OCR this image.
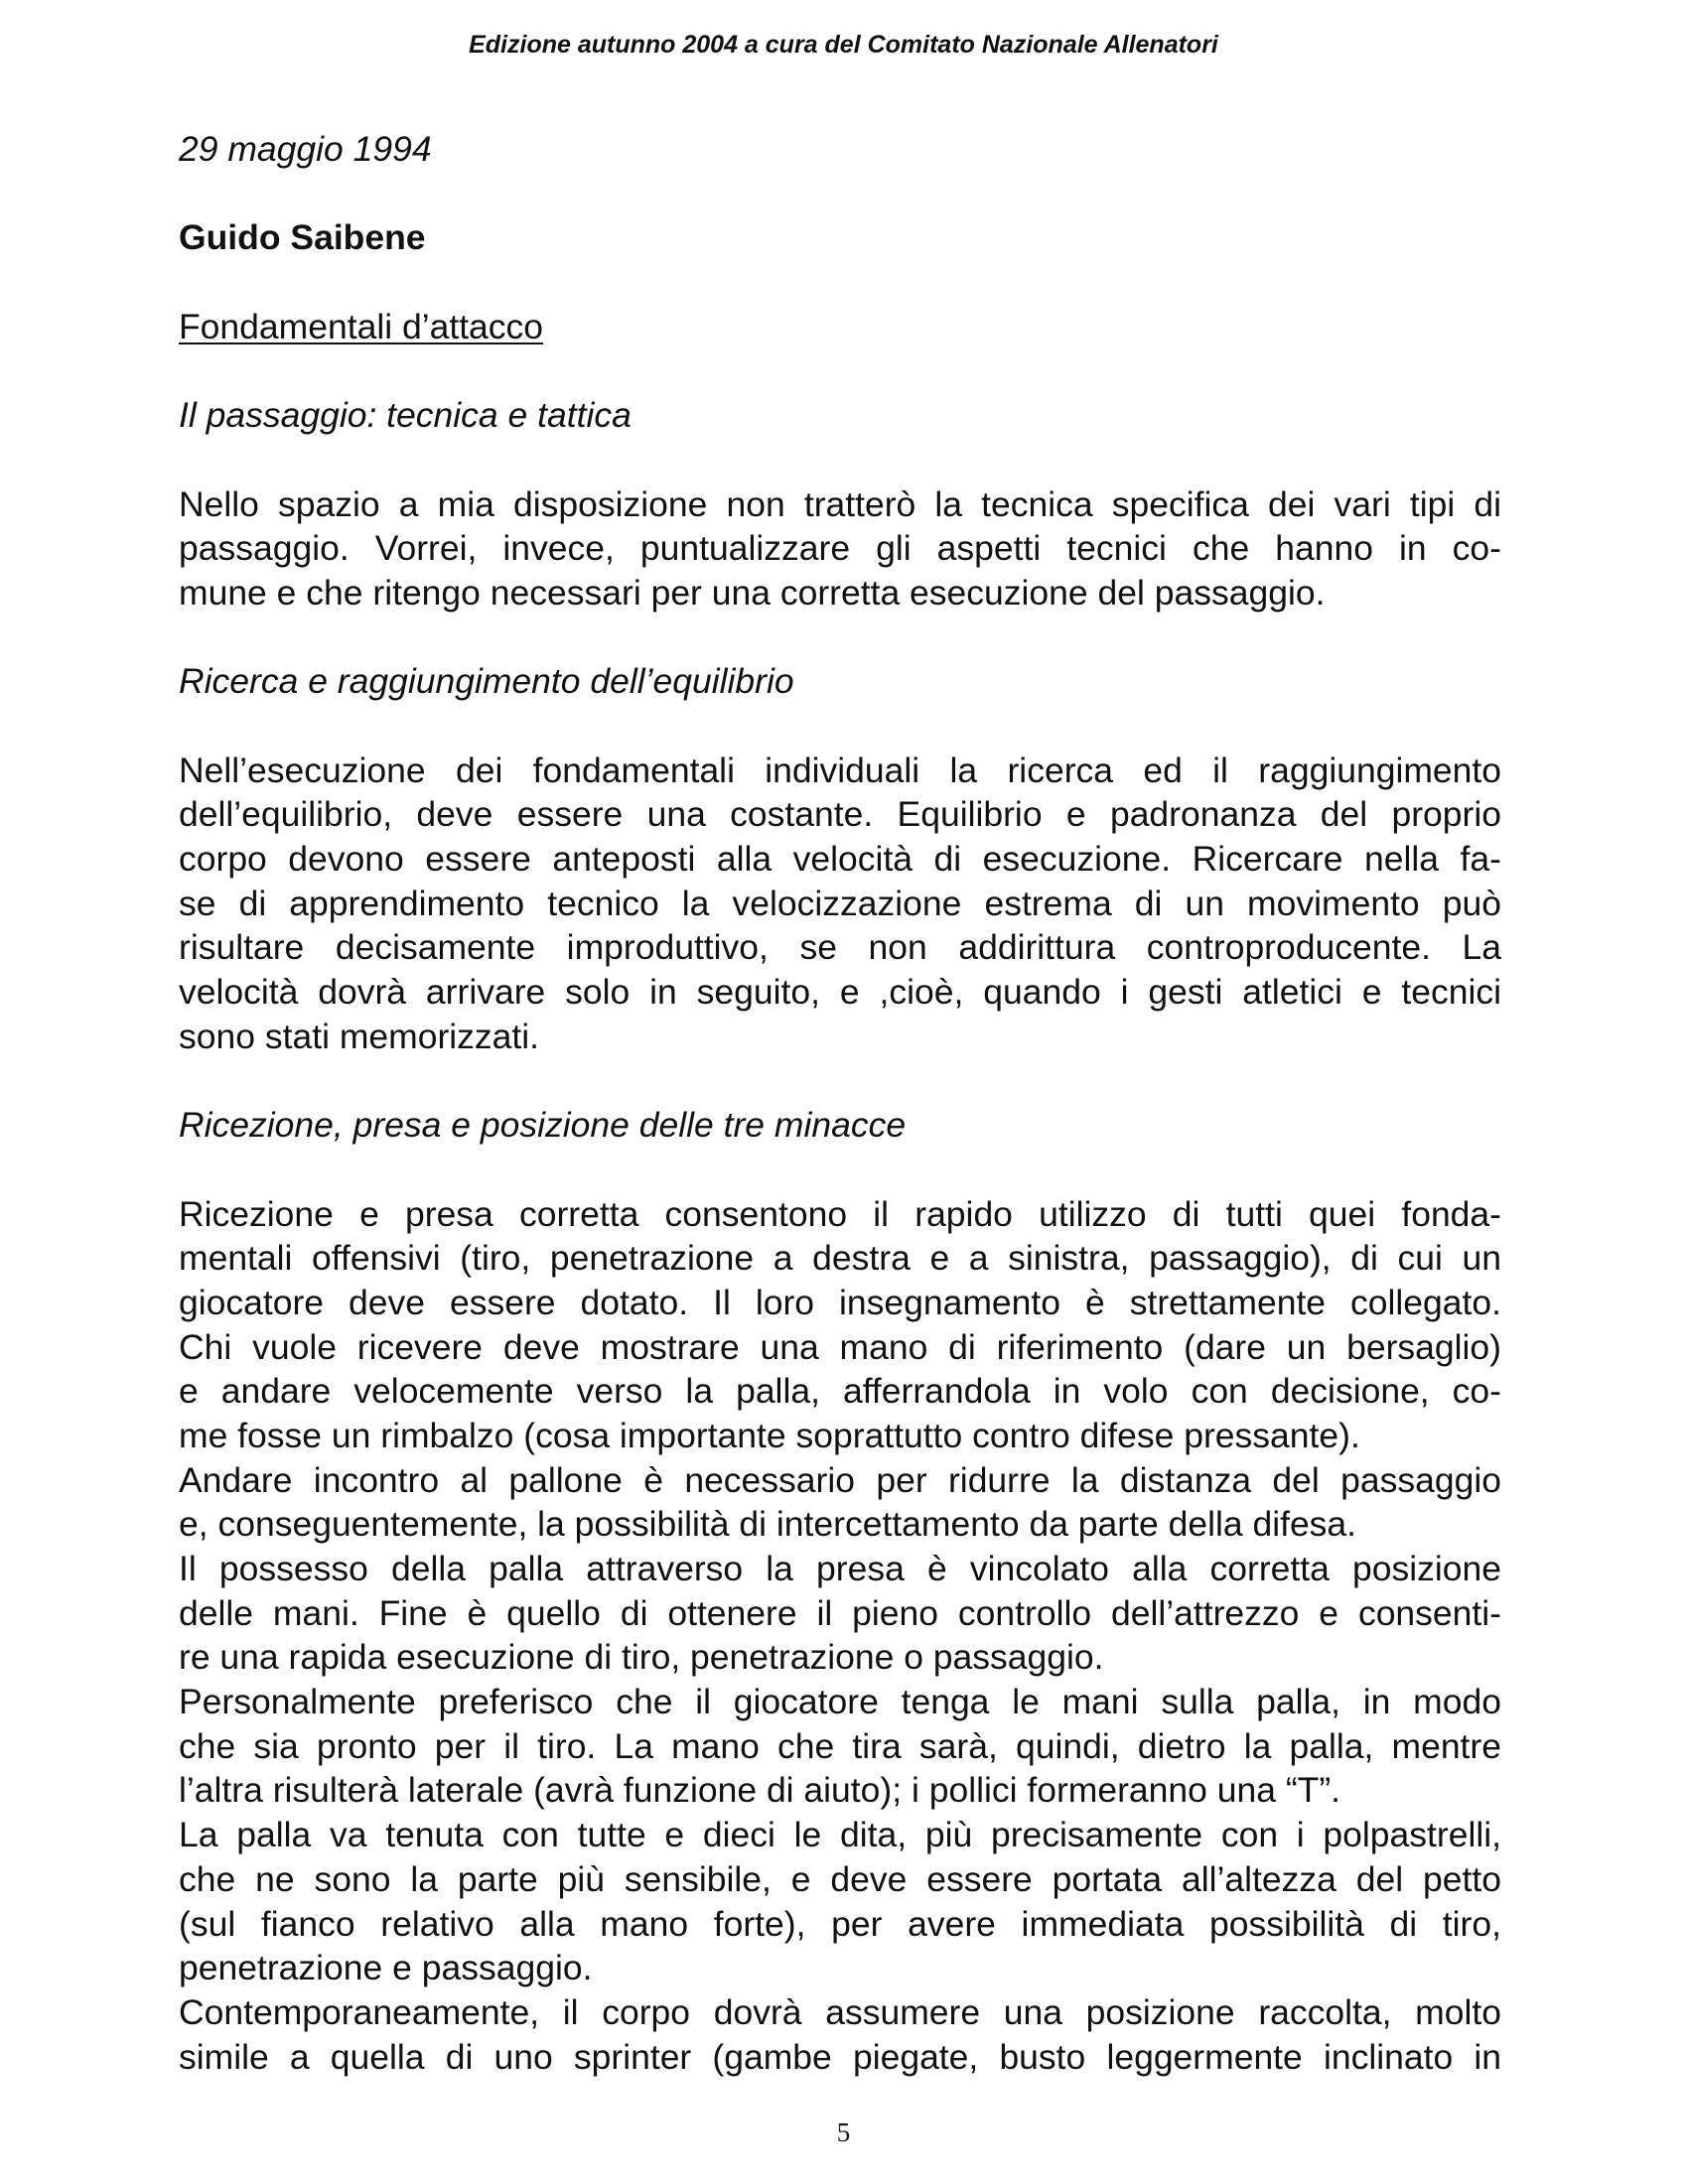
Edizione autunno 2004 a cura del Comitato Nazionale Allenatori
29 maggio 1994
Guido Saibene
Fondamentali d’attacco
Il passaggio: tecnica e tattica
Nello spazio a mia disposizione non tratterò la tecnica specifica dei vari tipi di
passaggio. Vorrei, invece, puntualizzare gli aspetti tecnici che hanno in co-
mune e che ritengo necessari per una corretta esecuzione del passaggio.
Ricerca e raggiungimento dell’equilibrio
Nell’esecuzione dei fondamentali individuali la ricerca ed il raggiungimento
dell’equilibrio, deve essere una costante. Equilibrio e padronanza del proprio
corpo devono essere anteposti alla velocità di esecuzione. Ricercare nella fa-
se di apprendimento tecnico la velocizzazione estrema di un movimento può
risultare decisamente improduttivo, se non addirittura controproducente. La
velocità dovrà arrivare solo in seguito, e ,cioè, quando i gesti atletici e tecnici
sono stati memorizzati.
Ricezione, presa e posizione delle tre minacce
Ricezione e presa corretta consentono il rapido utilizzo di tutti quei fonda-
mentali offensivi (tiro, penetrazione a destra e a sinistra, passaggio), di cui un
giocatore deve essere dotato. Il loro insegnamento è strettamente collegato.
Chi vuole ricevere deve mostrare una mano di riferimento (dare un bersaglio)
e andare velocemente verso la palla, afferrandola in volo con decisione, co-
me fosse un rimbalzo (cosa importante soprattutto contro difese pressante).
Andare incontro al pallone è necessario per ridurre la distanza del passaggio
e, conseguentemente, la possibilità di intercettamento da parte della difesa.
Il possesso della palla attraverso la presa è vincolato alla corretta posizione
delle mani. Fine è quello di ottenere il pieno controllo dell’attrezzo e consenti-
re una rapida esecuzione di tiro, penetrazione o passaggio.
Personalmente preferisco che il giocatore tenga le mani sulla palla, in modo
che sia pronto per il tiro. La mano che tira sarà, quindi, dietro la palla, mentre
l’altra risulterà laterale (avrà funzione di aiuto); i pollici formeranno una “T”.
La palla va tenuta con tutte e dieci le dita, più precisamente con i polpastrelli,
che ne sono la parte più sensibile, e deve essere portata all’altezza del petto
(sul fianco relativo alla mano forte), per avere immediata possibilità di tiro,
penetrazione e passaggio.
Contemporaneamente, il corpo dovrà assumere una posizione raccolta, molto
simile a quella di uno sprinter (gambe piegate, busto leggermente inclinato in
5
